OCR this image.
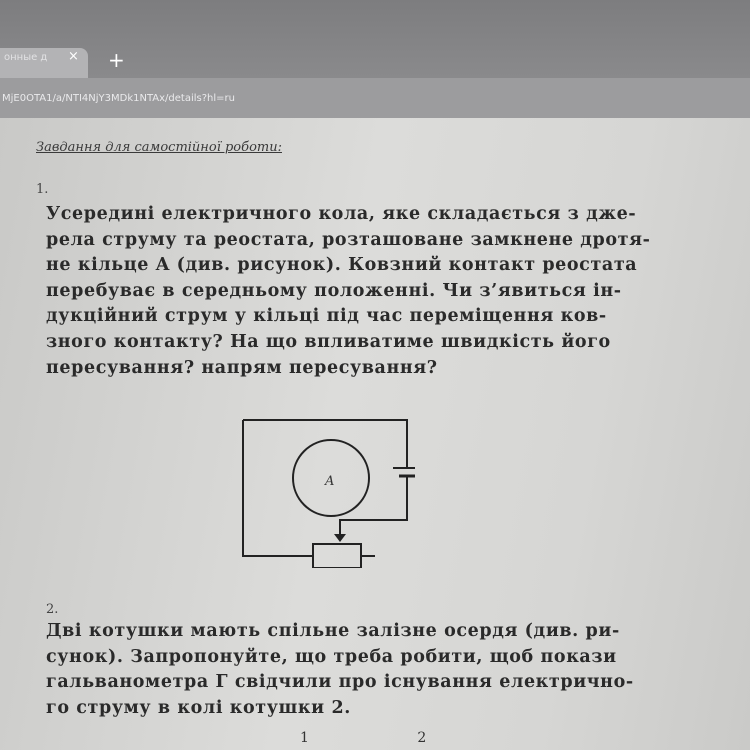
онные д × +
MjE0OTA1/a/NTI4NjY3MDk1NTAx/details?hl=ru
Завдання для самостійної роботи:
1.
Усередині електричного кола, яке складається з дже-
рела струму та реостата, розташоване замкнене дротя-
не кільце A (див. рисунок). Ковзний контакт реостата
перебуває в середньому положенні. Чи з’явиться ін-
дукційний струм у кільці під час переміщення ков-
зного контакту? На що впливатиме швидкість його
пересування? напрям пересування?
A
2.
Дві котушки мають спільне залізне осердя (див. ри-
сунок). Запропонуйте, що треба робити, щоб покази
гальванометра Г свідчили про існування електрично-
го струму в колі котушки 2.
1	2
